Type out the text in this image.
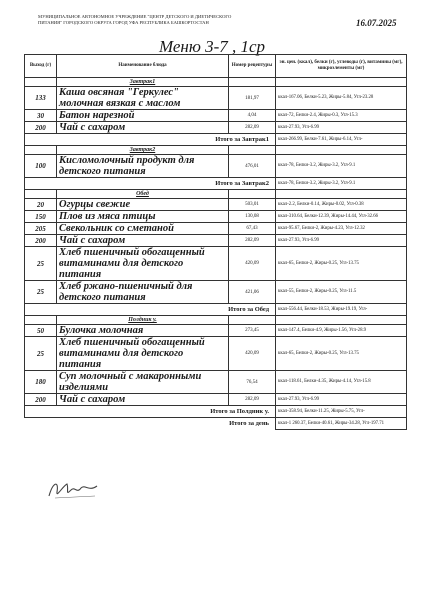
МУНИЦИПАЛЬНОЕ АВТОНОМНОЕ УЧРЕЖДЕНИЕ "ЦЕНТР ДЕТСКОГО И ДИЕТИЧЕСКОГО ПИТАНИЯ" ГОРОДСКОГО ОКРУГА ГОРОД УФА РЕСПУБЛИКА БАШКОРТОСТАН	16.07.2025
Меню 3-7 , 1ср
Выход (г)	Наименование блюда	Номер рецептуры	эн. цен. (ккал), белки (г), углеводы (г), витамины (мг), микроэлементы (мг)
	Завтрак1		
133	Каша овсяная "Геркулес" молочная вязкая с маслом	181,97	ккал-167.06, Белки-5.23, Жиры-5.84, Угл-23.28
30	Батон нарезной	4,04	ккал-72, Белки-2.4, Жиры-0.3, Угл-15.3
200	Чай с сахаром	282,09	ккал-27.93, Угл-6.99
Итого за Завтрак1			ккал-266.99, Белки-7.61, Жиры-6.14, Угл-
	Завтрак2		
100	Кисломолочный продукт для детского питания	476,01	ккал-78, Белки-3.2, Жиры-3.2, Угл-9.1
Итого за Завтрак2			ккал-78, Белки-3.2, Жиры-3.2, Угл-9.1
	Обед		
20	Огурцы свежие	503,01	ккал-2.2, Белки-0.14, Жиры-0.02, Угл-0.38
150	Плов из мяса птицы	130,08	ккал-310.64, Белки-12.39, Жиры-14.44, Угл-32.66
205	Свекольник со сметаной	67,43	ккал-95.67, Белки-2, Жиры-4.23, Угл-12.32
200	Чай с сахаром	282,09	ккал-27.93, Угл-6.99
25	Хлеб пшеничный обогащенный витаминами для детского питания	420,09	ккал-65, Белки-2, Жиры-0.25, Угл-13.75
25	Хлеб ржано-пшеничный для детского питания	421,06	ккал-55, Белки-2, Жиры-0.25, Угл-11.5
Итого за Обед			ккал-556.44, Белки-18.53, Жиры-19.19, Угл-
	Полдник у.		
50	Булочка молочная	273,45	ккал-147.4, Белки-4.9, Жиры-1.56, Угл-28.9
25	Хлеб пшеничный обогащенный витаминами для детского питания	420,09	ккал-65, Белки-2, Жиры-0.25, Угл-13.75
180	Суп молочный с макаронными изделиями	76,54	ккал-118.61, Белки-4.35, Жиры-4.14, Угл-15.8
200	Чай с сахаром	282,09	ккал-27.93, Угл-6.99
Итого за Полдник у.			ккал-358.94, Белки-11.25, Жиры-5.75, Угл-
Итого за день			ккал-1 260.37, Белки-40.61, Жиры-34.28, Угл-197.71
